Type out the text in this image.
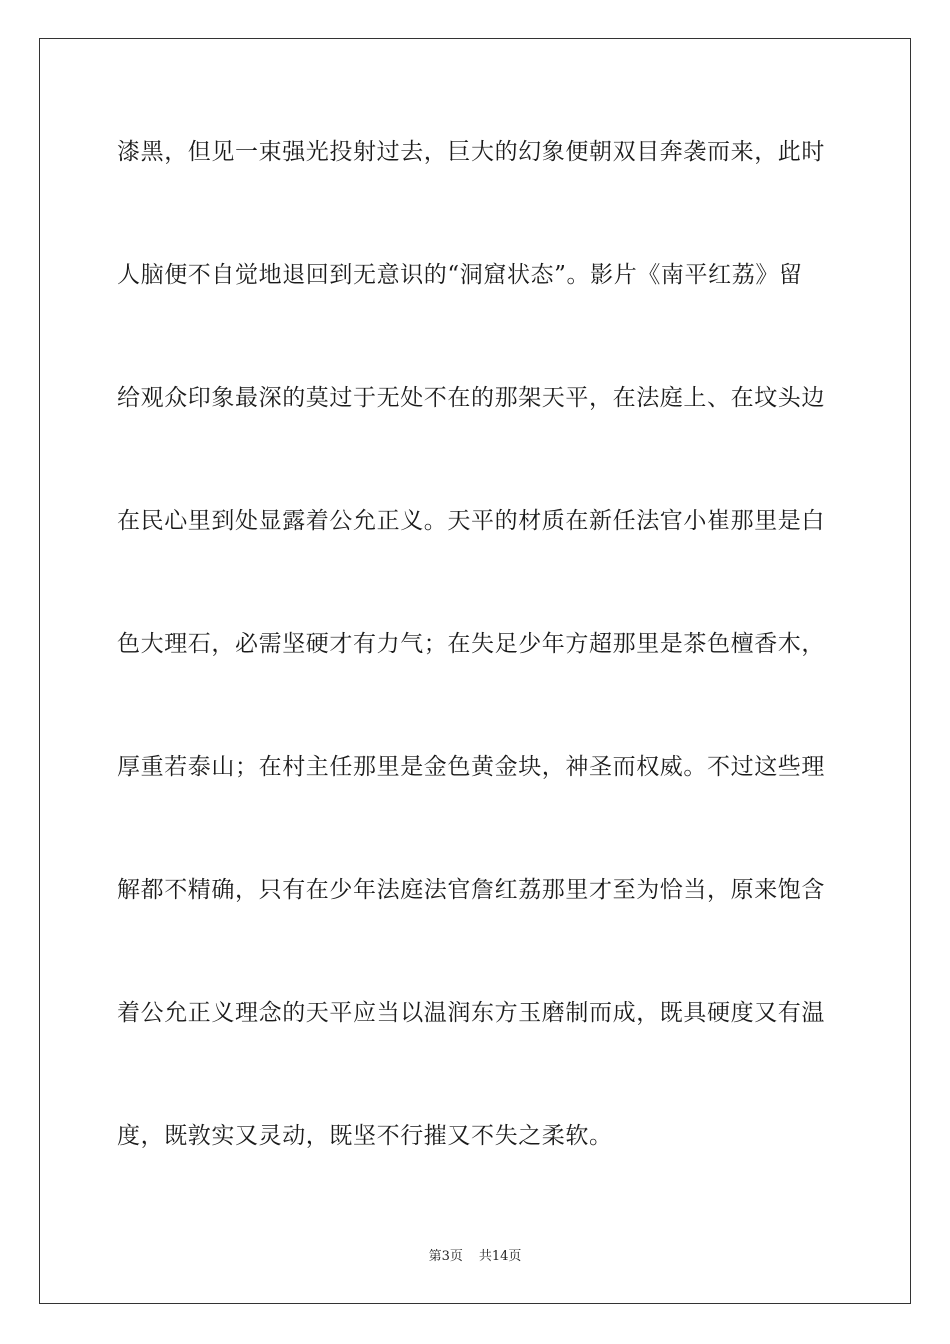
漆黑，但见一束强光投射过去，巨大的幻象便朝双目奔袭而来，此时
人脑便不自觉地退回到无意识的“洞窟状态”。影片《南平红荔》留
给观众印象最深的莫过于无处不在的那架天平，在法庭上、在坟头边
在民心里到处显露着公允正义。天平的材质在新任法官小崔那里是白
色大理石，必需坚硬才有力气；在失足少年方超那里是茶色檀香木，
厚重若泰山；在村主任那里是金色黄金块，神圣而权威。不过这些理
解都不精确，只有在少年法庭法官詹红荔那里才至为恰当，原来饱含
着公允正义理念的天平应当以温润东方玉磨制而成，既具硬度又有温
度，既敦实又灵动，既坚不行摧又不失之柔软。
第3页 共14页
